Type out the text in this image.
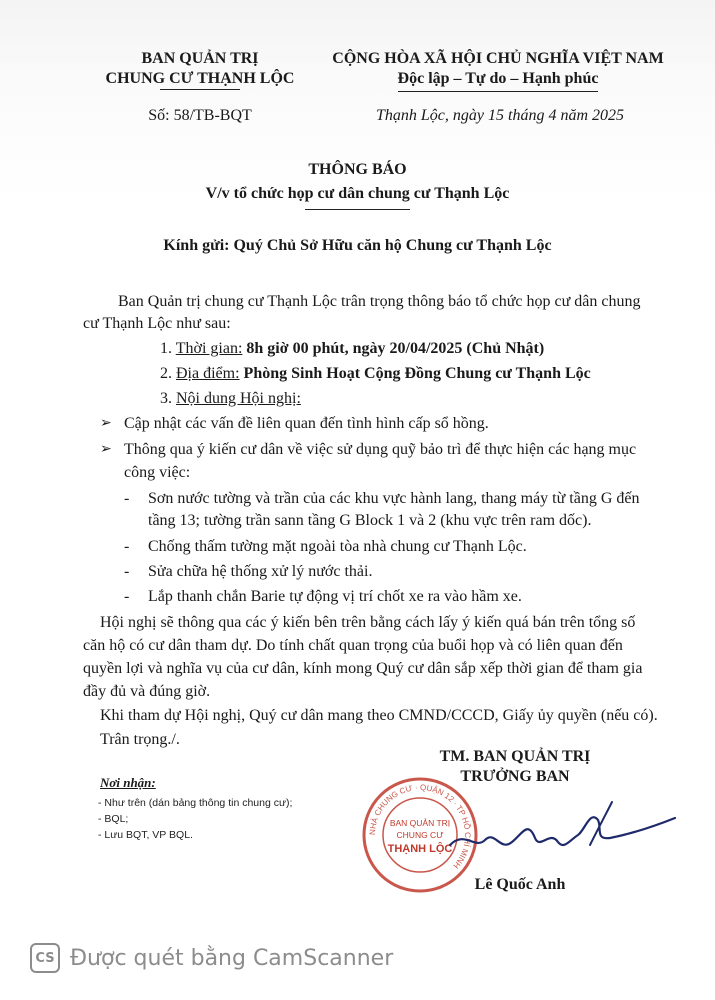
BAN QUẢN TRỊ
CHUNG CƯ THẠNH LỘC
CỘNG HÒA XÃ HỘI CHỦ NGHĨA VIỆT NAM
Độc lập – Tự do – Hạnh phúc
Số: 58/TB-BQT	Thạnh Lộc, ngày 15 tháng 4 năm 2025
THÔNG BÁO
V/v tổ chức họp cư dân chung cư Thạnh Lộc
Kính gửi: Quý Chủ Sở Hữu căn hộ Chung cư Thạnh Lộc
Ban Quản trị chung cư Thạnh Lộc trân trọng thông báo tổ chức họp cư dân chung
cư Thạnh Lộc như sau:
1. Thời gian: 8h giờ 00 phút, ngày 20/04/2025 (Chủ Nhật)
2. Địa điểm: Phòng Sinh Hoạt Cộng Đồng Chung cư Thạnh Lộc
3. Nội dung Hội nghị:
➢ Cập nhật các vấn đề liên quan đến tình hình cấp sổ hồng.
➢ Thông qua ý kiến cư dân về việc sử dụng quỹ bảo trì để thực hiện các hạng mục
công việc:
- Sơn nước tường và trần của các khu vực hành lang, thang máy từ tầng G đến
tầng 13; tường trần sann tầng G Block 1 và 2 (khu vực trên ram dốc).
- Chống thấm tường mặt ngoài tòa nhà chung cư Thạnh Lộc.
- Sửa chữa hệ thống xử lý nước thải.
- Lắp thanh chắn Barie tự động vị trí chốt xe ra vào hầm xe.
Hội nghị sẽ thông qua các ý kiến bên trên bằng cách lấy ý kiến quá bán trên tổng số
căn hộ có cư dân tham dự. Do tính chất quan trọng của buổi họp và có liên quan đến
quyền lợi và nghĩa vụ của cư dân, kính mong Quý cư dân sắp xếp thời gian để tham gia
đầy đủ và đúng giờ.
Khi tham dự Hội nghị, Quý cư dân mang theo CMND/CCCD, Giấy ủy quyền (nếu có).
Trân trọng./.
TM. BAN QUẢN TRỊ
TRƯỞNG BAN
Lê Quốc Anh
Nơi nhận:
- Như trên (dán bảng thông tin chung cư);
- BQL;
- Lưu BQT, VP BQL.	NHÀ CHUNG CƯ · QUẬN 12 · TP HỒ CHÍ MINH
BAN QUẢN TRỊ
CHUNG CƯ
THẠNH LỘC
CS Được quét bằng CamScanner
